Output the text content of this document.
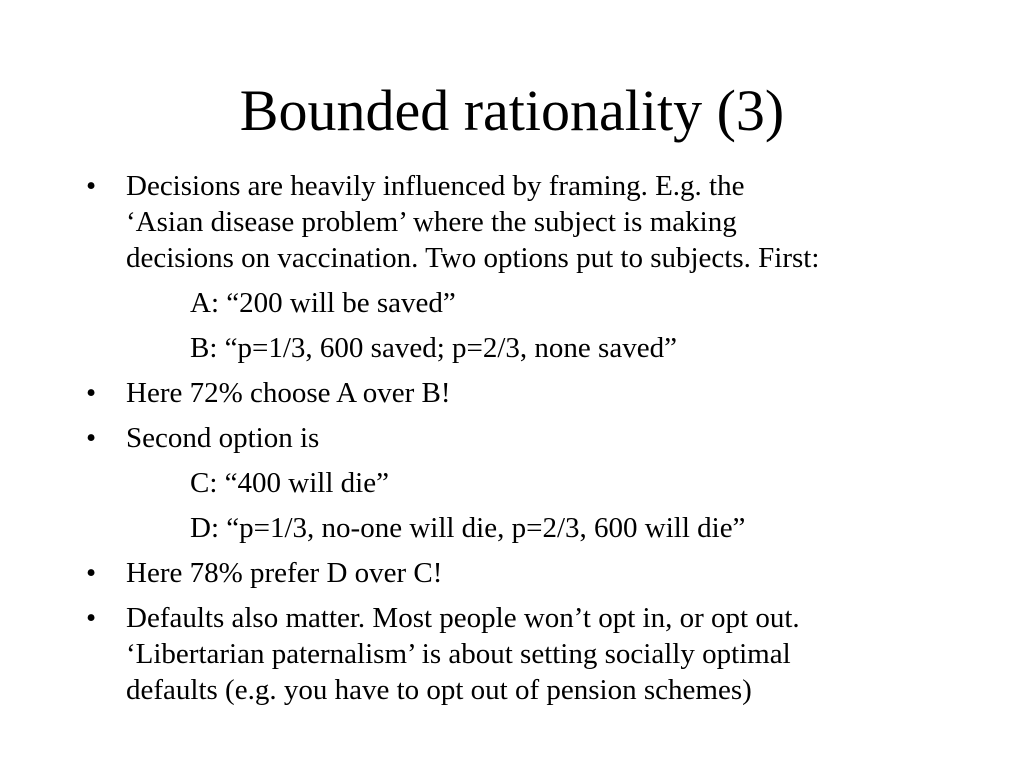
Bounded rationality (3)
•	Decisions are heavily influenced by framing. E.g. the
‘Asian disease problem’ where the subject is making
decisions on vaccination. Two options put to subjects. First:
A: “200 will be saved”
B: “p=1/3, 600 saved; p=2/3, none saved”
•	Here 72% choose A over B!
•	Second option is
C: “400 will die”
D: “p=1/3, no-one will die, p=2/3, 600 will die”
•	Here 78% prefer D over C!
•	Defaults also matter. Most people won’t opt in, or opt out.
‘Libertarian paternalism’ is about setting socially optimal
defaults (e.g. you have to opt out of pension schemes)
